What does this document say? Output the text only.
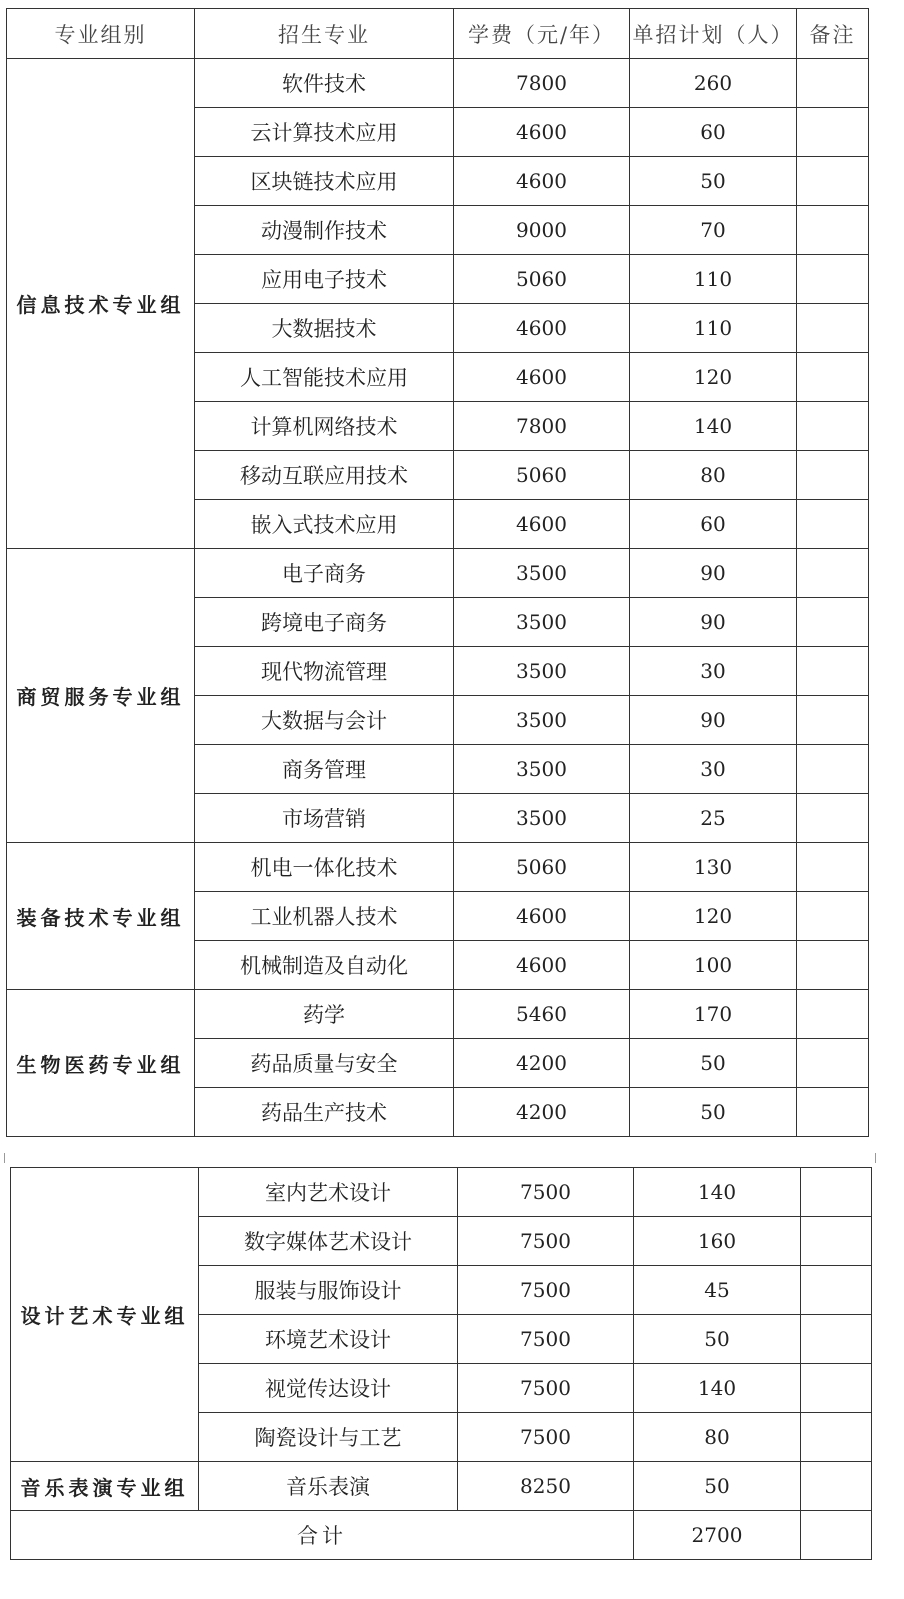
专业组别	招生专业	学费（元/年）	单招计划（人）	备注
信息技术专业组	软件技术	7800	260	
	云计算技术应用	4600	60	
	区块链技术应用	4600	50	
	动漫制作技术	9000	70	
	应用电子技术	5060	110	
	大数据技术	4600	110	
	人工智能技术应用	4600	120	
	计算机网络技术	7800	140	
	移动互联应用技术	5060	80	
	嵌入式技术应用	4600	60	
商贸服务专业组	电子商务	3500	90	
	跨境电子商务	3500	90	
	现代物流管理	3500	30	
	大数据与会计	3500	90	
	商务管理	3500	30	
	市场营销	3500	25	
装备技术专业组	机电一体化技术	5060	130	
	工业机器人技术	4600	120	
	机械制造及自动化	4600	100	
生物医药专业组	药学	5460	170	
	药品质量与安全	4200	50	
	药品生产技术	4200	50	
设计艺术专业组	室内艺术设计	7500	140	
	数字媒体艺术设计	7500	160	
	服装与服饰设计	7500	45	
	环境艺术设计	7500	50	
	视觉传达设计	7500	140	
	陶瓷设计与工艺	7500	80	
音乐表演专业组	音乐表演	8250	50	
合计			2700	
